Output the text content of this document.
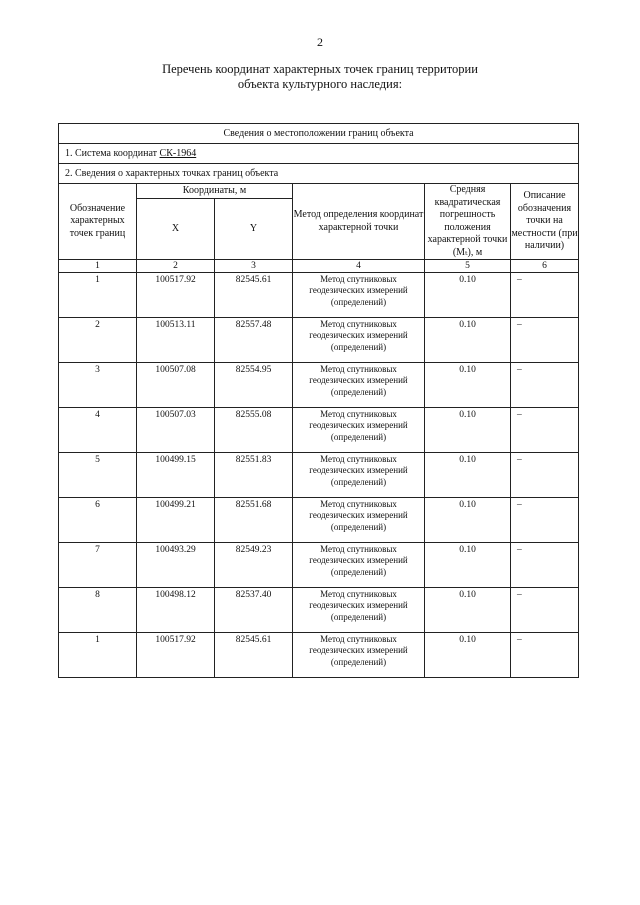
2
Перечень координат характерных точек границ территории
объекта культурного наследия:
Сведения о местоположении границ объекта					
1. Система координат СК-1964					
2. Сведения о характерных точках границ объекта					
Обозначение характерных точек границ	Координаты, м		Метод определения координат характерной точки	Средняя квадратическая погрешность положения характерной точки (Mₜ), м	Описание обозначения точки на местности (при наличии)
	X	Y			
1	2	3	4	5	6
1	100517.92	82545.61	Метод спутниковых геодезических измерений (определений)	0.10	–
2	100513.11	82557.48	Метод спутниковых геодезических измерений (определений)	0.10	–
3	100507.08	82554.95	Метод спутниковых геодезических измерений (определений)	0.10	–
4	100507.03	82555.08	Метод спутниковых геодезических измерений (определений)	0.10	–
5	100499.15	82551.83	Метод спутниковых геодезических измерений (определений)	0.10	–
6	100499.21	82551.68	Метод спутниковых геодезических измерений (определений)	0.10	–
7	100493.29	82549.23	Метод спутниковых геодезических измерений (определений)	0.10	–
8	100498.12	82537.40	Метод спутниковых геодезических измерений (определений)	0.10	–
1	100517.92	82545.61	Метод спутниковых геодезических измерений (определений)	0.10	–
